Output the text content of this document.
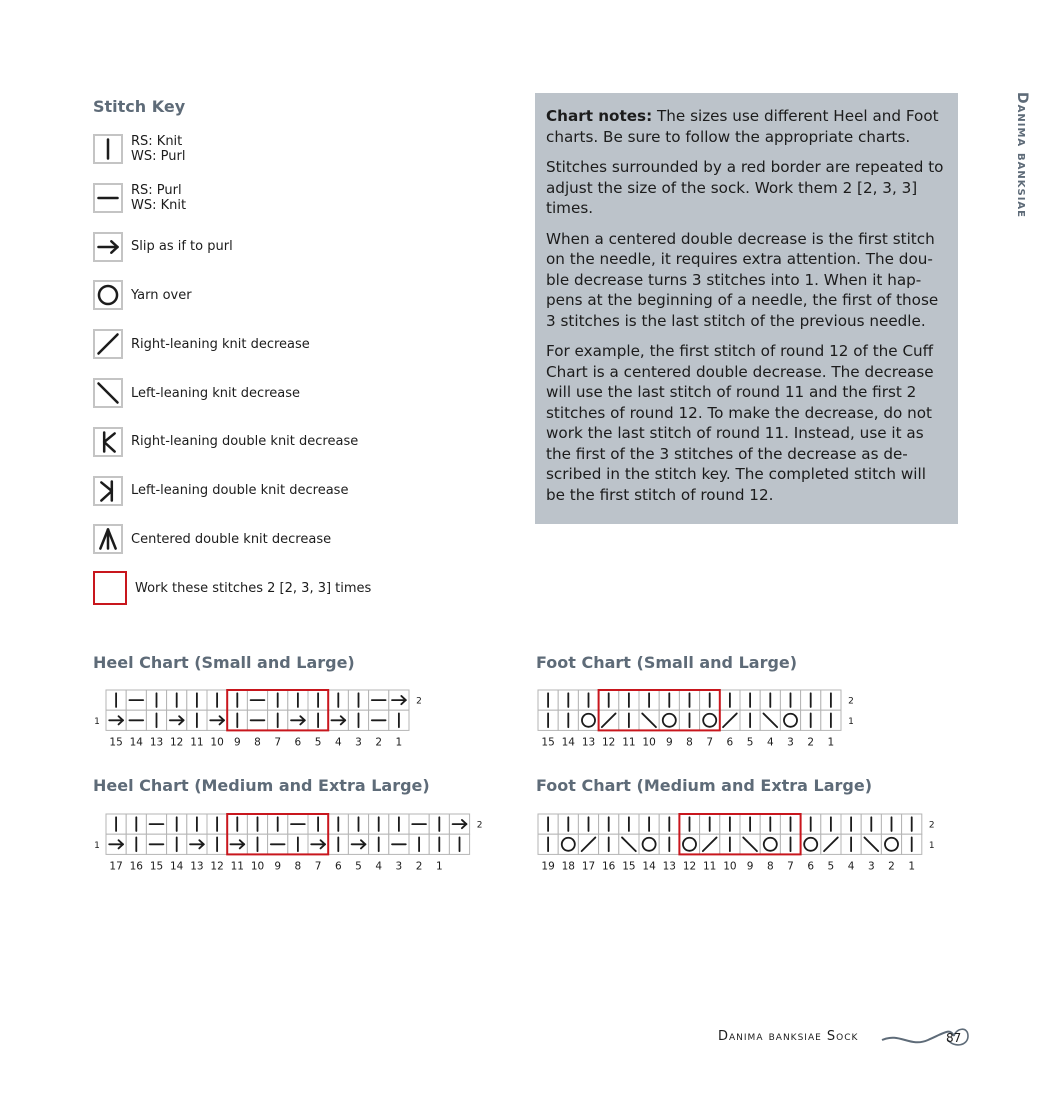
Stitch Key
RS: Knit
WS: Purl
RS: Purl
WS: Knit
Slip as if to purl
Yarn over
Right-leaning knit decrease
Left-leaning knit decrease
Right-leaning double knit decrease
Left-leaning double knit decrease
Centered double knit decrease
Work these stitches 2 [2, 3, 3] times

Chart notes: The sizes use different Heel and Foot charts. Be sure to follow the appropriate charts.

Stitches surrounded by a red border are repeated to adjust the size of the sock. Work them 2 [2, 3, 3] times.

When a centered double decrease is the first stitch on the needle, it requires extra attention. The dou-ble decrease turns 3 stitches into 1. When it hap-pens at the beginning of a needle, the first of those 3 stitches is the last stitch of the previous needle.

For example, the first stitch of round 12 of the Cuff Chart is a centered double decrease. The decrease will use the last stitch of round 11 and the first 2 stitches of round 12. To make the decrease, do not work the last stitch of round 11. Instead, use it as the first of the 3 stitches of the decrease as de-scribed in the stitch key. The completed stitch will be the first stitch of round 12.

Danima banksiae
Heel Chart (Small and Large)
2
1
15 14 13 12 11 10 9 8 7 6 5 4 3 2 1
Foot Chart (Small and Large)
2
1
15 14 13 12 11 10 9 8 7 6 5 4 3 2 1
Heel Chart (Medium and Extra Large)
2
1
17 16 15 14 13 12 11 10 9 8 7 6 5 4 3 2 1
Foot Chart (Medium and Extra Large)
2
1
19 18 17 16 15 14 13 12 11 10 9 8 7 6 5 4 3 2 1
Danima banksiae Sock	87
